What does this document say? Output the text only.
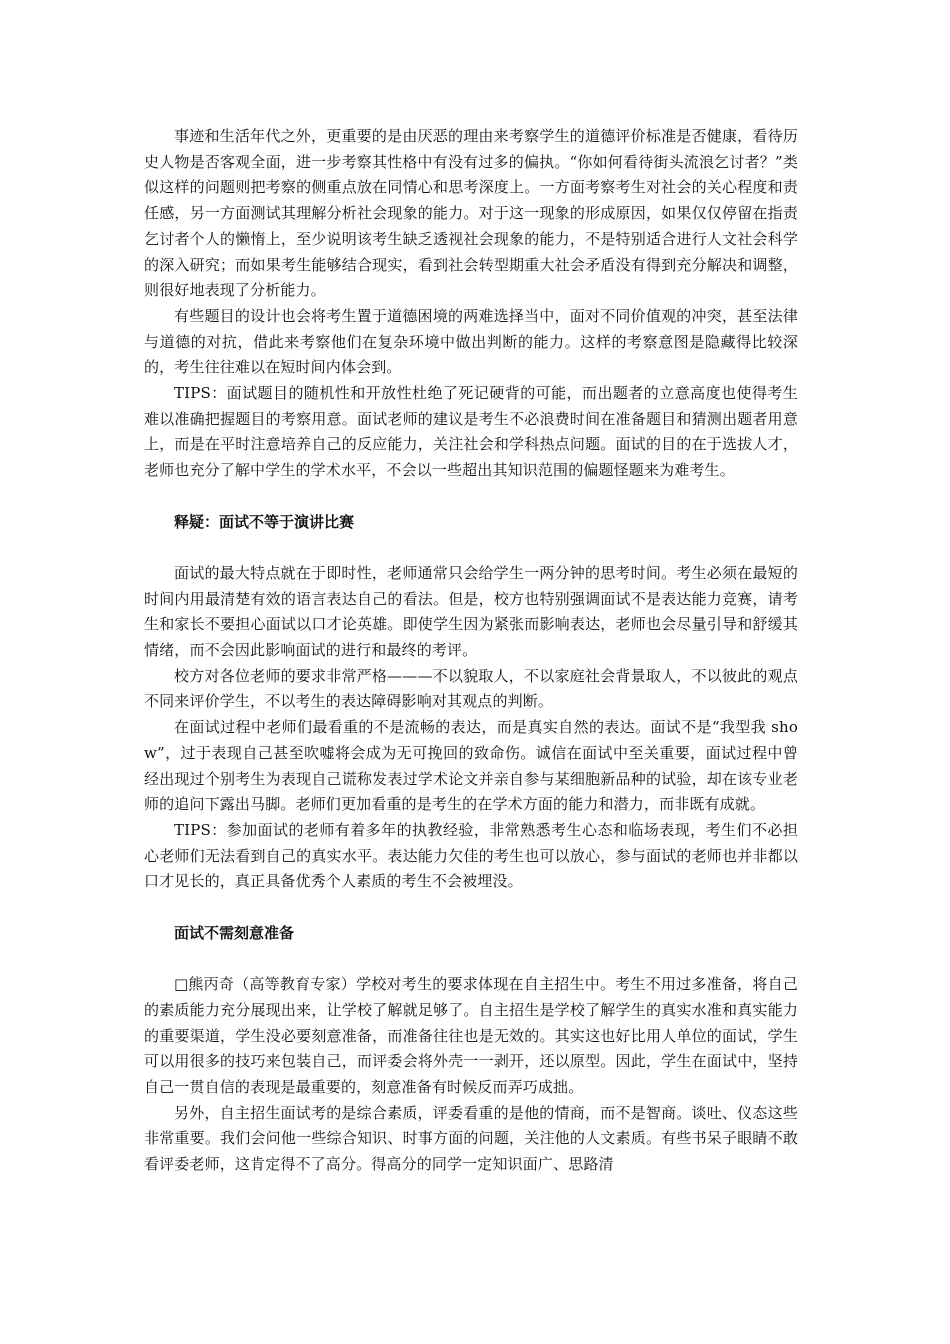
事迹和生活年代之外，更重要的是由厌恶的理由来考察学生的道德评价标准是否健康，看待历史人物是否客观全面，进一步考察其性格中有没有过多的偏执。“你如何看待街头流浪乞讨者？”类似这样的问题则把考察的侧重点放在同情心和思考深度上。一方面考察考生对社会的关心程度和责任感，另一方面测试其理解分析社会现象的能力。对于这一现象的形成原因，如果仅仅停留在指责乞讨者个人的懒惰上，至少说明该考生缺乏透视社会现象的能力，不是特别适合进行人文社会科学的深入研究；而如果考生能够结合现实，看到社会转型期重大社会矛盾没有得到充分解决和调整，则很好地表现了分析能力。

有些题目的设计也会将考生置于道德困境的两难选择当中，面对不同价值观的冲突，甚至法律与道德的对抗，借此来考察他们在复杂环境中做出判断的能力。这样的考察意图是隐藏得比较深的，考生往往难以在短时间内体会到。

TIPS：面试题目的随机性和开放性杜绝了死记硬背的可能，而出题者的立意高度也使得考生难以准确把握题目的考察用意。面试老师的建议是考生不必浪费时间在准备题目和猜测出题者用意上，而是在平时注意培养自己的反应能力，关注社会和学科热点问题。面试的目的在于选拔人才，老师也充分了解中学生的学术水平，不会以一些超出其知识范围的偏题怪题来为难考生。

释疑：面试不等于演讲比赛

面试的最大特点就在于即时性，老师通常只会给学生一两分钟的思考时间。考生必须在最短的时间内用最清楚有效的语言表达自己的看法。但是，校方也特别强调面试不是表达能力竞赛，请考生和家长不要担心面试以口才论英雄。即使学生因为紧张而影响表达，老师也会尽量引导和舒缓其情绪，而不会因此影响面试的进行和最终的考评。

校方对各位老师的要求非常严格———不以貌取人，不以家庭社会背景取人，不以彼此的观点不同来评价学生，不以考生的表达障碍影响对其观点的判断。

在面试过程中老师们最看重的不是流畅的表达，而是真实自然的表达。面试不是“我型我 show”，过于表现自己甚至吹嘘将会成为无可挽回的致命伤。诚信在面试中至关重要，面试过程中曾经出现过个别考生为表现自己谎称发表过学术论文并亲自参与某细胞新品种的试验，却在该专业老师的追问下露出马脚。老师们更加看重的是考生的在学术方面的能力和潜力，而非既有成就。

TIPS：参加面试的老师有着多年的执教经验，非常熟悉考生心态和临场表现，考生们不必担心老师们无法看到自己的真实水平。表达能力欠佳的考生也可以放心，参与面试的老师也并非都以口才见长的，真正具备优秀个人素质的考生不会被埋没。

面试不需刻意准备

□熊丙奇（高等教育专家）学校对考生的要求体现在自主招生中。考生不用过多准备，将自己的素质能力充分展现出来，让学校了解就足够了。自主招生是学校了解学生的真实水准和真实能力的重要渠道，学生没必要刻意准备，而准备往往也是无效的。其实这也好比用人单位的面试，学生可以用很多的技巧来包装自己，而评委会将外壳一一剥开，还以原型。因此，学生在面试中，坚持自己一贯自信的表现是最重要的，刻意准备有时候反而弄巧成拙。

另外，自主招生面试考的是综合素质，评委看重的是他的情商，而不是智商。谈吐、仪态这些非常重要。我们会问他一些综合知识、时事方面的问题，关注他的人文素质。有些书呆子眼睛不敢看评委老师，这肯定得不了高分。得高分的同学一定知识面广、思路清
